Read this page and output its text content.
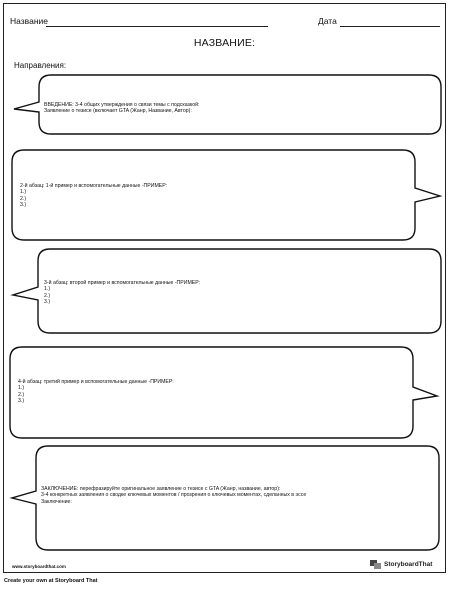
Название	Дата
НАЗВАНИЕ:
Направления:
ВВЕДЕНИЕ: 3-4 общих утверждения о связи темы с подсказкой:
Заявление о тезисе (включает GTA (Жанр, Название, Автор):
2-й абзац: 1-й пример и вспомогательные данные -ПРИМЕР:
1.)
2.)
3.)
3-й абзац: второй пример и вспомогательные данные -ПРИМЕР:
1.)
2.)
3.)
4-й абзац: третий пример и вспомогательные данные -ПРИМЕР:
1.)
2.)
3.)
ЗАКЛЮЧЕНИЕ: перефразируйте оригинальное заявление о тезисе с GTA (Жанр, название, автор):
3-4 конкретных заявления о сводке ключевых моментов / прозрения о ключевых моментах, сделанных в эссе
Заключение:
www.storyboardthat.com	StoryboardThat
Create your own at Storyboard That
